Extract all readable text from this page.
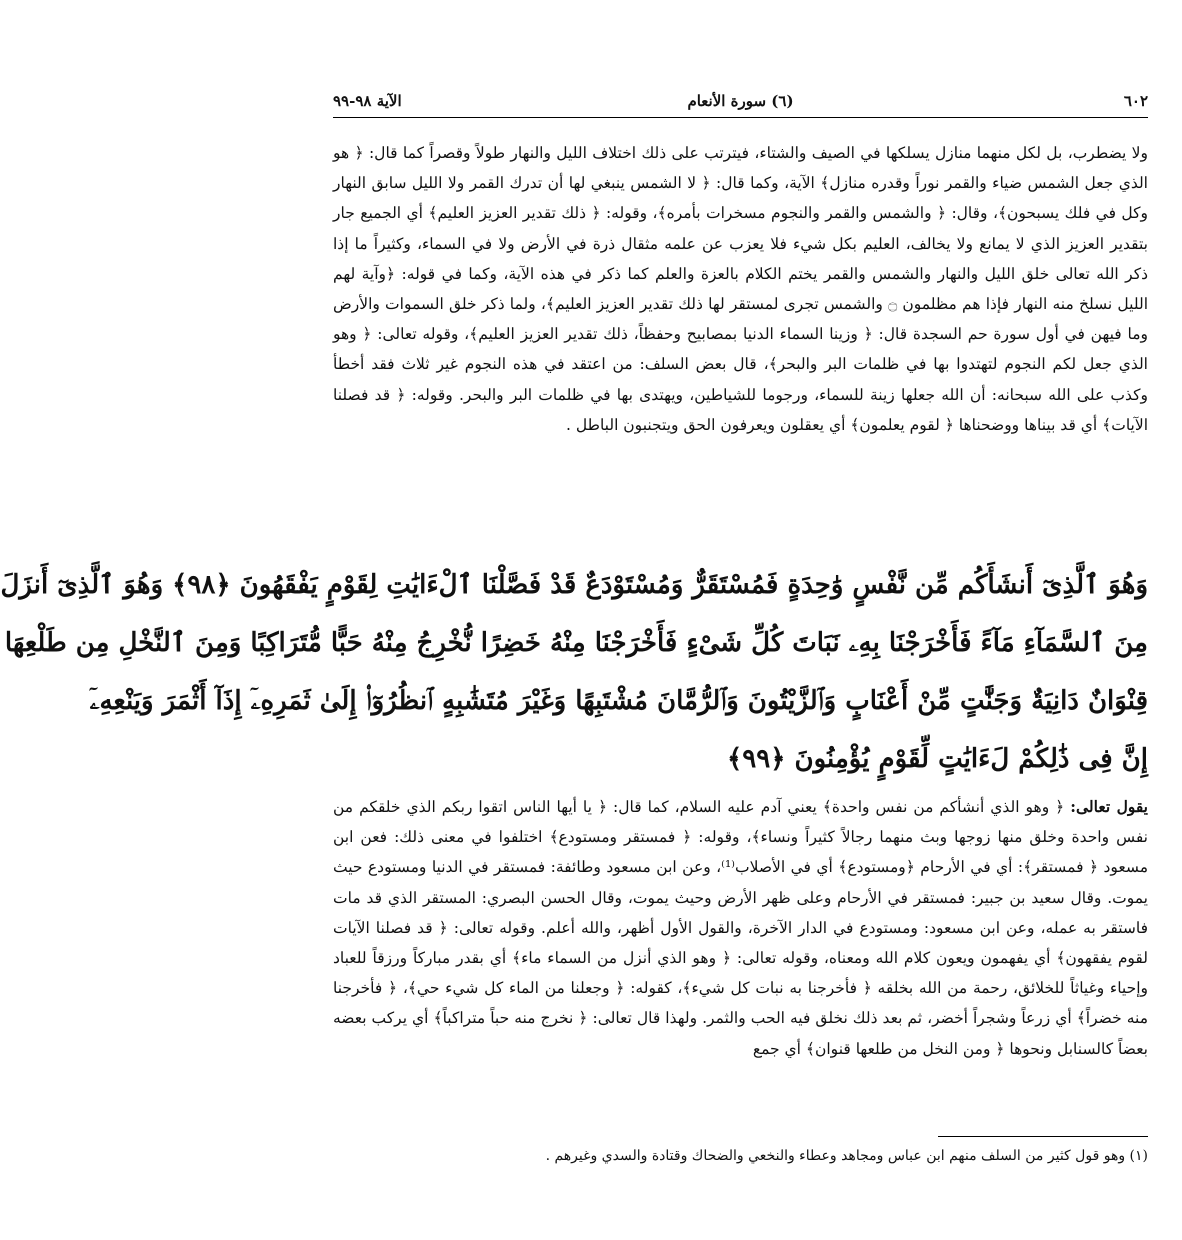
٦٠٢
(٦) سورة الأنعام
الآية ٩٨-٩٩

ولا يضطرب، بل لكل منهما منازل يسلكها في الصيف والشتاء، فيترتب على ذلك اختلاف الليل والنهار طولاً وقصراً كما قال: ﴿ هو الذي جعل الشمس ضياء والقمر نوراً وقدره منازل﴾ الآية، وكما قال: ﴿ لا الشمس ينبغي لها أن تدرك القمر ولا الليل سابق النهار وكل في فلك يسبحون﴾، وقال: ﴿ والشمس والقمر والنجوم مسخرات بأمره﴾، وقوله: ﴿ ذلك تقدير العزيز العليم﴾ أي الجميع جار بتقدير العزيز الذي لا يمانع ولا يخالف، العليم بكل شيء فلا يعزب عن علمه مثقال ذرة في الأرض ولا في السماء، وكثيراً ما إذا ذكر الله تعالى خلق الليل والنهار والشمس والقمر يختم الكلام بالعزة والعلم كما ذكر في هذه الآية، وكما في قوله: ﴿وآية لهم الليل نسلخ منه النهار فإذا هم مظلمون ۝ والشمس تجرى لمستقر لها ذلك تقدير العزيز العليم﴾، ولما ذكر خلق السموات والأرض وما فيهن في أول سورة حم السجدة قال: ﴿ وزينا السماء الدنيا بمصابيح وحفظاً، ذلك تقدير العزيز العليم﴾، وقوله تعالى: ﴿ وهو الذي جعل لكم النجوم لتهتدوا بها في ظلمات البر والبحر﴾، قال بعض السلف: من اعتقد في هذه النجوم غير ثلاث فقد أخطأ وكذب على الله سبحانه: أن الله جعلها زينة للسماء، ورجوما للشياطين، ويهتدى بها في ظلمات البر والبحر. وقوله: ﴿ قد فصلنا الآيات﴾ أي قد بيناها ووضحناها ﴿ لقوم يعلمون﴾ أي يعقلون ويعرفون الحق ويتجنبون الباطل .

وَهُوَ ٱلَّذِىٓ أَنشَأَكُم مِّن نَّفْسٍ وَٰحِدَةٍ فَمُسْتَقَرٌّ وَمُسْتَوْدَعٌ قَدْ فَصَّلْنَا ٱلْءَايَٰتِ لِقَوْمٍ يَفْقَهُونَ ﴿٩٨﴾ وَهُوَ ٱلَّذِىٓ أَنزَلَ
مِنَ ٱلسَّمَآءِ مَآءً فَأَخْرَجْنَا بِهِۦ نَبَاتَ كُلِّ شَىْءٍ فَأَخْرَجْنَا مِنْهُ خَضِرًا نُّخْرِجُ مِنْهُ حَبًّا مُّتَرَاكِبًا وَمِنَ ٱلنَّخْلِ مِن طَلْعِهَا
قِنْوَانٌ دَانِيَةٌ وَجَنَّٰتٍ مِّنْ أَعْنَابٍ وَٱلزَّيْتُونَ وَٱلرُّمَّانَ مُشْتَبِهًا وَغَيْرَ مُتَشَٰبِهٍ ٱنظُرُوٓا۟ إِلَىٰ ثَمَرِهِۦٓ إِذَآ أَثْمَرَ وَيَنْعِهِۦٓ
إِنَّ فِى ذَٰلِكُمْ لَءَايَٰتٍ لِّقَوْمٍ يُؤْمِنُونَ ﴿٩٩﴾

يقول تعالى: ﴿ وهو الذي أنشأكم من نفس واحدة﴾ يعني آدم عليه السلام، كما قال: ﴿ يا أيها الناس اتقوا ربكم الذي خلقكم من نفس واحدة وخلق منها زوجها وبث منهما رجالاً كثيراً ونساء﴾، وقوله: ﴿ فمستقر ومستودع﴾ اختلفوا في معنى ذلك: فعن ابن مسعود ﴿ فمستقر﴾: أي في الأرحام ﴿ومستودع﴾ أي في الأصلاب⁽¹⁾، وعن ابن مسعود وطائفة: فمستقر في الدنيا ومستودع حيث يموت. وقال سعيد بن جبير: فمستقر في الأرحام وعلى ظهر الأرض وحيث يموت، وقال الحسن البصري: المستقر الذي قد مات فاستقر به عمله، وعن ابن مسعود: ومستودع في الدار الآخرة، والقول الأول أظهر، والله أعلم. وقوله تعالى: ﴿ قد فصلنا الآيات لقوم يفقهون﴾ أي يفهمون ويعون كلام الله ومعناه، وقوله تعالى: ﴿ وهو الذي أنزل من السماء ماء﴾ أي بقدر مباركاً ورزقاً للعباد وإحياء وغياثاً للخلائق، رحمة من الله بخلقه ﴿ فأخرجنا به نبات كل شيء﴾، كقوله: ﴿ وجعلنا من الماء كل شيء حي﴾، ﴿ فأخرجنا منه خضراً﴾ أي زرعاً وشجراً أخضر، ثم بعد ذلك نخلق فيه الحب والثمر. ولهذا قال تعالى: ﴿ نخرج منه حباً متراكباً﴾ أي يركب بعضه بعضاً كالسنابل ونحوها ﴿ ومن النخل من طلعها قنوان﴾ أي جمع

(١) وهو قول كثير من السلف منهم ابن عباس ومجاهد وعطاء والنخعي والضحاك وقتادة والسدي وغيرهم .
